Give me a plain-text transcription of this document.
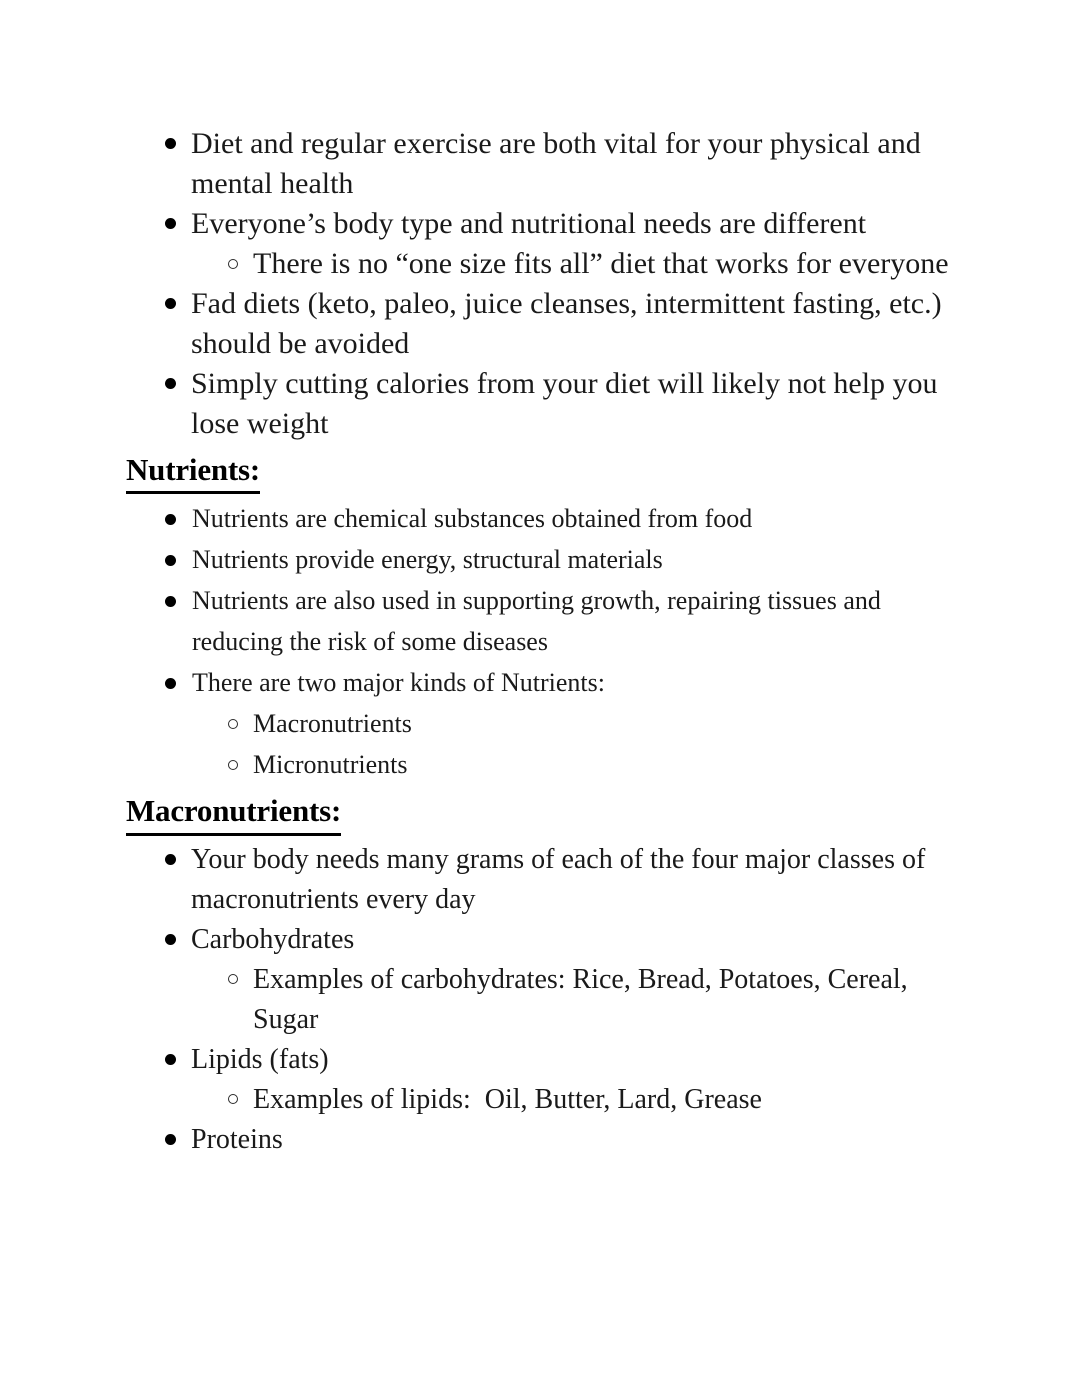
Diet and regular exercise are both vital for your physical and mental health
Everyone’s body type and nutritional needs are different
There is no “one size fits all” diet that works for everyone
Fad diets (keto, paleo, juice cleanses, intermittent fasting, etc.) should be avoided
Simply cutting calories from your diet will likely not help you lose weight
Nutrients:
Nutrients are chemical substances obtained from food
Nutrients provide energy, structural materials
Nutrients are also used in supporting growth, repairing tissues and reducing the risk of some diseases
There are two major kinds of Nutrients:
Macronutrients
Micronutrients
Macronutrients:
Your body needs many grams of each of the four major classes of macronutrients every day
Carbohydrates
Examples of carbohydrates: Rice, Bread, Potatoes, Cereal, Sugar
Lipids (fats)
Examples of lipids:  Oil, Butter, Lard, Grease
Proteins
